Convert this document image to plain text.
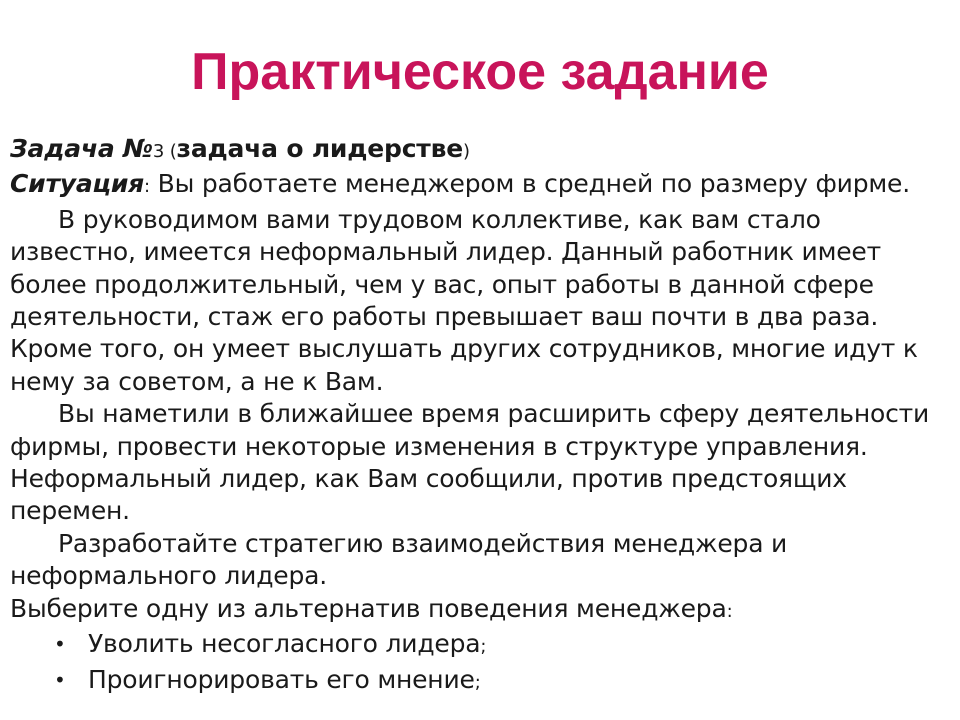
Практическое задание

Задача №3 (задача о лидерстве)

Ситуация: Вы работаете менеджером в средней по размеру фирме.

В руководимом вами трудовом коллективе, как вам стало известно, имеется неформальный лидер. Данный работник имеет более продолжительный, чем у вас, опыт работы в данной сфере деятельности, стаж его работы превышает ваш почти в два раза. Кроме того, он умеет выслушать других сотрудников, многие идут к нему за советом, а не к Вам.

Вы наметили в ближайшее время расширить сферу деятельности фирмы, провести некоторые изменения в структуре управления. Неформальный лидер, как Вам сообщили, против предстоящих перемен.

Разработайте стратегию взаимодействия менеджера и неформального лидера.

Выберите одну из альтернатив поведения менеджера:

• Уволить несогласного лидера;
• Проигнорировать его мнение;
